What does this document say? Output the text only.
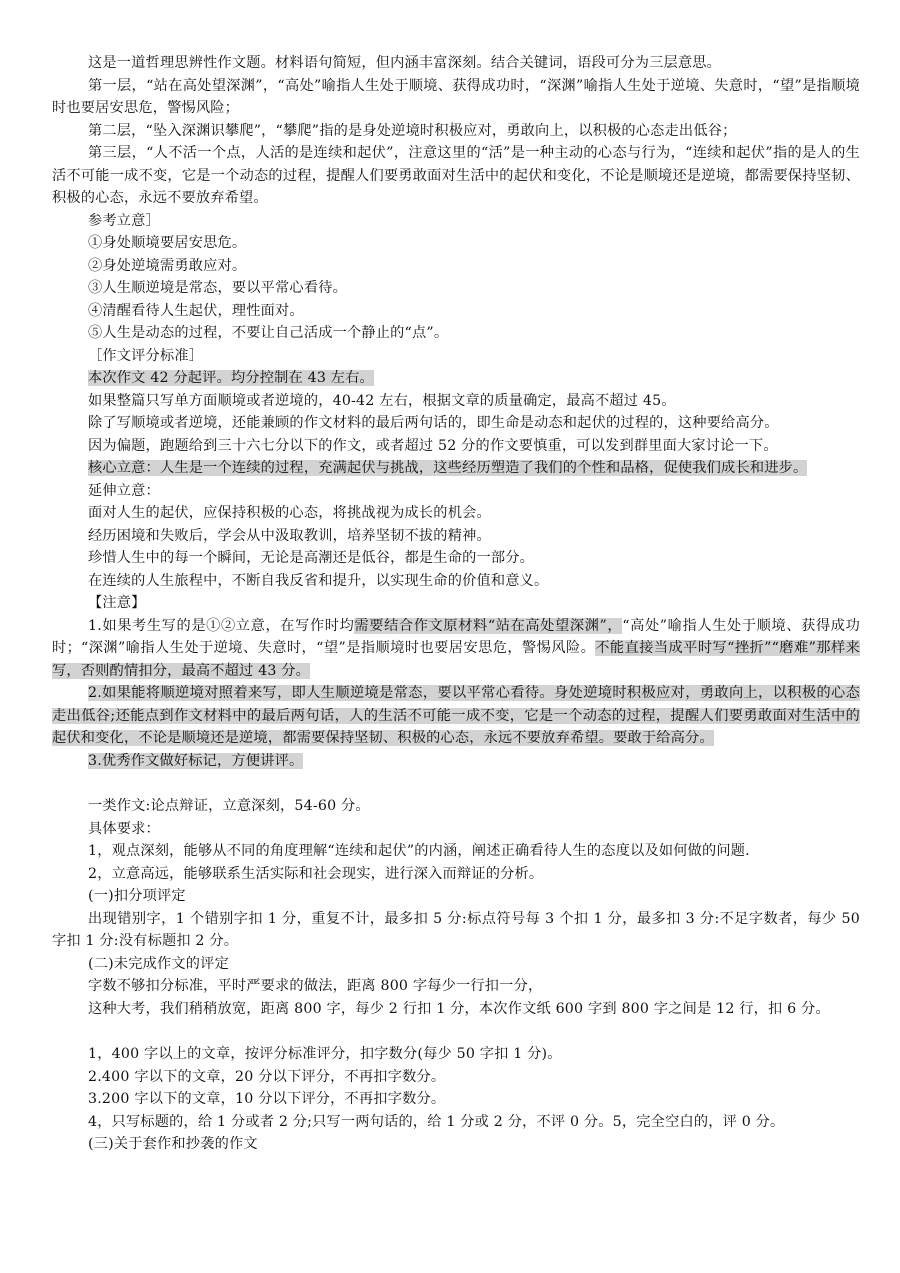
这是一道哲理思辨性作文题。材料语句简短，但内涵丰富深刻。结合关键词，语段可分为三层意思。

第一层，“站在高处望深渊”，“高处”喻指人生处于顺境、获得成功时，“深渊”喻指人生处于逆境、失意时，“望”是指顺境时也要居安思危，警惕风险；

第二层，“坠入深渊识攀爬”，“攀爬”指的是身处逆境时积极应对，勇敢向上，以积极的心态走出低谷；

第三层，“人不活一个点，人活的是连续和起伏”，注意这里的“活”是一种主动的心态与行为，“连续和起伏”指的是人的生活不可能一成不变，它是一个动态的过程，提醒人们要勇敢面对生活中的起伏和变化，不论是顺境还是逆境，都需要保持坚韧、积极的心态，永远不要放弃希望。

参考立意］

①身处顺境要居安思危。

②身处逆境需勇敢应对。

③人生顺逆境是常态，要以平常心看待。

④清醒看待人生起伏，理性面对。

⑤人生是动态的过程，不要让自己活成一个静止的“点”。

［作文评分标准］

本次作文 42 分起评。均分控制在 43 左右。

如果整篇只写单方面顺境或者逆境的，40-42 左右，根据文章的质量确定，最高不超过 45。

除了写顺境或者逆境，还能兼顾的作文材料的最后两句话的，即生命是动态和起伏的过程的，这种要给高分。

因为偏题，跑题给到三十六七分以下的作文，或者超过 52 分的作文要慎重，可以发到群里面大家讨论一下。

核心立意：人生是一个连续的过程，充满起伏与挑战，这些经历塑造了我们的个性和品格，促使我们成长和进步。

延伸立意：

面对人生的起伏，应保持积极的心态，将挑战视为成长的机会。

经历困境和失败后，学会从中汲取教训，培养坚韧不拔的精神。

珍惜人生中的每一个瞬间，无论是高潮还是低谷，都是生命的一部分。

在连续的人生旅程中，不断自我反省和提升，以实现生命的价值和意义。

【注意】

1.如果考生写的是①②立意，在写作时均需要结合作文原材料“站在高处望深渊”，“高处”喻指人生处于顺境、获得成功时；“深渊”喻指人生处于逆境、失意时，“望”是指顺境时也要居安思危，警惕风险。不能直接当成平时写“挫折”“磨难”那样来写，否则酌情扣分，最高不超过 43 分。

2.如果能将顺逆境对照着来写，即人生顺逆境是常态，要以平常心看待。身处逆境时积极应对，勇敢向上，以积极的心态走出低谷;还能点到作文材料中的最后两句话，人的生活不可能一成不变，它是一个动态的过程，提醒人们要勇敢面对生活中的起伏和变化，不论是顺境还是逆境，都需要保持坚韧、积极的心态，永远不要放弃希望。要敢于给高分。

3.优秀作文做好标记，方便讲评。

一类作文:论点辩证，立意深刻，54-60 分。

具体要求：

1，观点深刻，能够从不同的角度理解“连续和起伏”的内涵，阐述正确看待人生的态度以及如何做的问题.

2，立意高远，能够联系生活实际和社会现实，进行深入而辩证的分析。

(一)扣分项评定

出现错别字，1 个错别字扣 1 分，重复不计，最多扣 5 分:标点符号每 3 个扣 1 分，最多扣 3 分:不足字数者，每少 50 字扣 1 分:没有标题扣 2 分。

(二)未完成作文的评定

字数不够扣分标准，平时严要求的做法，距离 800 字每少一行扣一分，

这种大考，我们稍稍放宽，距离 800 字，每少 2 行扣 1 分，本次作文纸 600 字到 800 字之间是 12 行，扣 6 分。

1，400 字以上的文章，按评分标准评分，扣字数分(每少 50 字扣 1 分)。

2.400 字以下的文章，20 分以下评分，不再扣字数分。

3.200 字以下的文章，10 分以下评分，不再扣字数分。

4，只写标题的，给 1 分或者 2 分;只写一两句话的，给 1 分或 2 分，不评 0 分。5，完全空白的，评 0 分。

(三)关于套作和抄袭的作文
